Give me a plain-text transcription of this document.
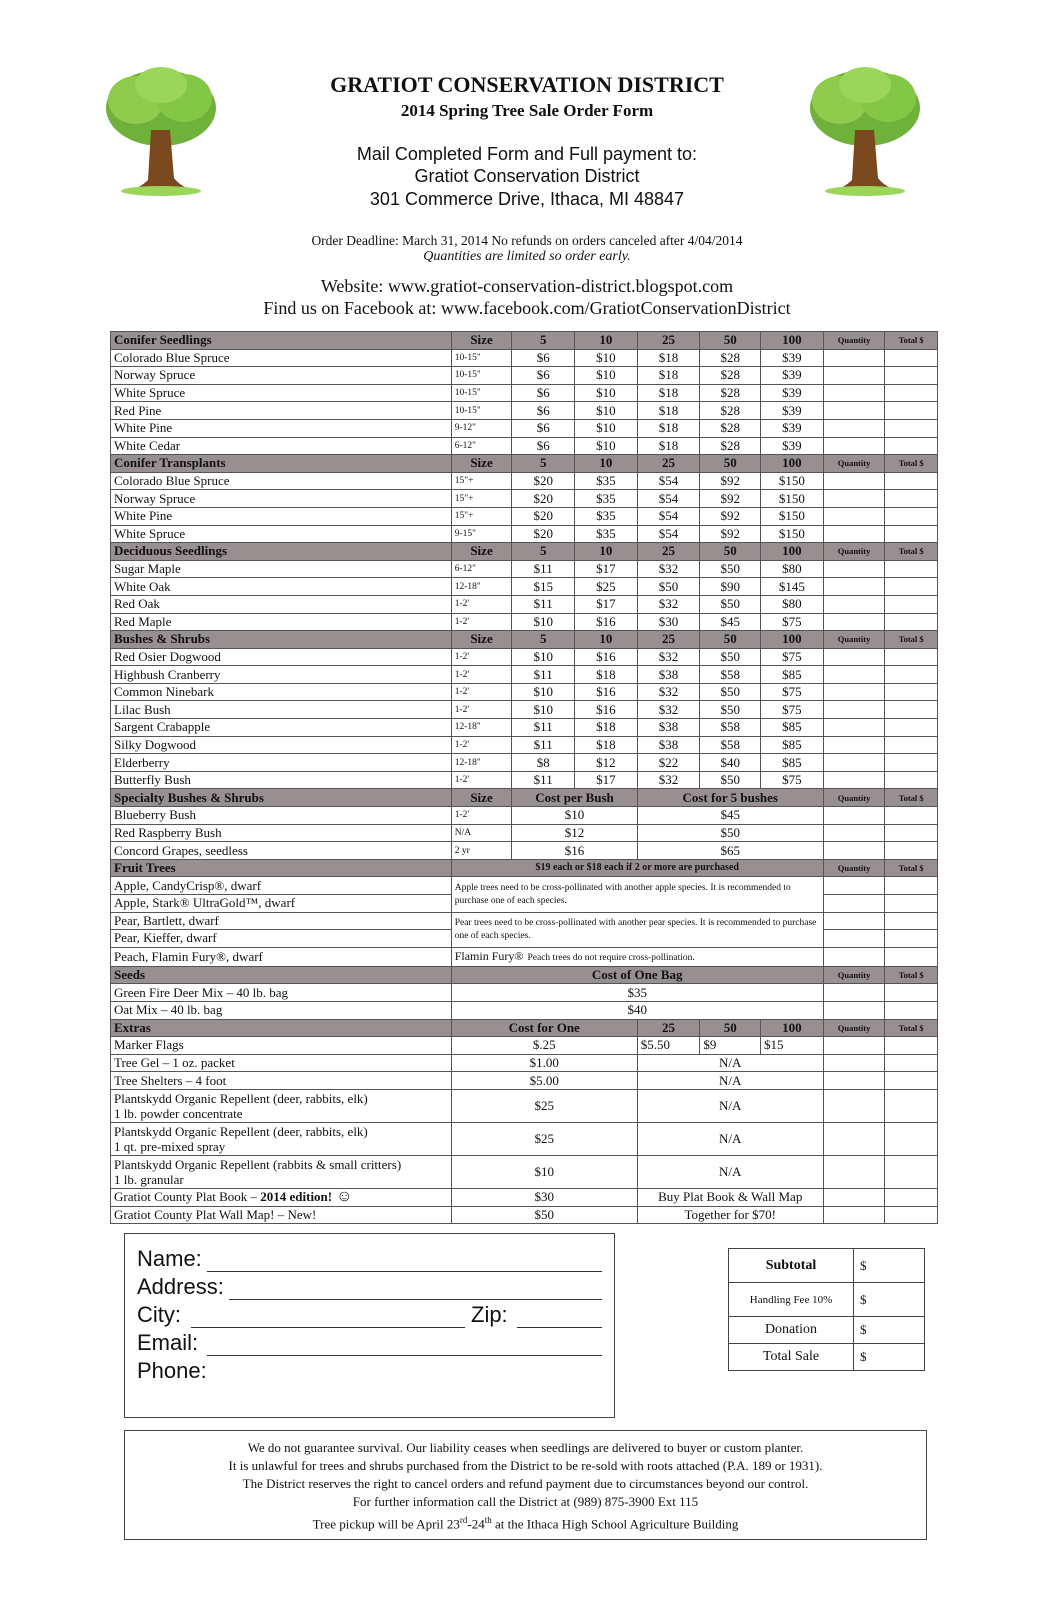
GRATIOT CONSERVATION DISTRICT
2014 Spring Tree Sale Order Form
Mail Completed Form and Full payment to:
Gratiot Conservation District
301 Commerce Drive, Ithaca, MI 48847
Order Deadline: March 31, 2014 No refunds on orders canceled after 4/04/2014
Quantities are limited so order early.
Website: www.gratiot-conservation-district.blogspot.com
Find us on Facebook at: www.facebook.com/GratiotConservationDistrict
Conifer Seedlings	Size	5	10	25	50	100	Quantity	Total $
Colorado Blue Spruce	10-15"	$6	$10	$18	$28	$39		
Norway Spruce	10-15"	$6	$10	$18	$28	$39		
White Spruce	10-15"	$6	$10	$18	$28	$39		
Red Pine	10-15"	$6	$10	$18	$28	$39		
White Pine	9-12"	$6	$10	$18	$28	$39		
White Cedar	6-12"	$6	$10	$18	$28	$39		
Conifer Transplants	Size	5	10	25	50	100	Quantity	Total $
Colorado Blue Spruce	15"+	$20	$35	$54	$92	$150		
Norway Spruce	15"+	$20	$35	$54	$92	$150		
White Pine	15"+	$20	$35	$54	$92	$150		
White Spruce	9-15"	$20	$35	$54	$92	$150		
Deciduous Seedlings	Size	5	10	25	50	100	Quantity	Total $
Sugar Maple	6-12"	$11	$17	$32	$50	$80		
White Oak	12-18"	$15	$25	$50	$90	$145		
Red Oak	1-2'	$11	$17	$32	$50	$80		
Red Maple	1-2'	$10	$16	$30	$45	$75		
Bushes & Shrubs	Size	5	10	25	50	100	Quantity	Total $
Red Osier Dogwood	1-2'	$10	$16	$32	$50	$75		
Highbush Cranberry	1-2'	$11	$18	$38	$58	$85		
Common Ninebark	1-2'	$10	$16	$32	$50	$75		
Lilac Bush	1-2'	$10	$16	$32	$50	$75		
Sargent Crabapple	12-18"	$11	$18	$38	$58	$85		
Silky Dogwood	1-2'	$11	$18	$38	$58	$85		
Elderberry	12-18"	$8	$12	$22	$40	$85		
Butterfly Bush	1-2'	$11	$17	$32	$50	$75		
Specialty Bushes & Shrubs	Size	Cost per Bush		Cost for 5 bushes			Quantity	Total $
Blueberry Bush	1-2'	$10		$45				
Red Raspberry Bush	N/A	$12		$50				
Concord Grapes, seedless	2 yr	$16		$65				
Fruit Trees	$19 each or $18 each if 2 or more are purchased						Quantity	Total $
Apple, CandyCrisp®, dwarf	Apple trees need to be cross-pollinated with another apple species. It is recommended to purchase one of each species.							
Apple, Stark® UltraGold™, dwarf								
Pear, Bartlett, dwarf	Pear trees need to be cross-pollinated with another pear species. It is recommended to purchase one of each species.							
Pear, Kieffer, dwarf								
Peach, Flamin Fury®, dwarf	Flamin Fury® Peach trees do not require cross-pollination.							
Seeds	Cost of One Bag						Quantity	Total $
Green Fire Deer Mix – 40 lb. bag	$35							
Oat Mix – 40 lb. bag	$40							
Extras	Cost for One			25	50	100	Quantity	Total $
Marker Flags	$.25			$5.50	$9	$15		
Tree Gel – 1 oz. packet	$1.00			N/A				
Tree Shelters – 4 foot	$5.00			N/A				

Plantskydd Organic Repellent (deer, rabbits, elk)
1 lb. powder concentrate	$25			N/A				

Plantskydd Organic Repellent (deer, rabbits, elk)
1 qt. pre-mixed spray	$25			N/A				

Plantskydd Organic Repellent (rabbits & small critters)
1 lb. granular	$10			N/A				
Gratiot County Plat Book – 2014 edition! ☺	$30			Buy Plat Book & Wall Map				
Gratiot County Plat Wall Map! – New!	$50			Together for $70!				
Name:
Address:
City:	Zip:
Email:
Phone:
Subtotal	$
Handling Fee 10%	$
Donation	$
Total Sale	$
We do not guarantee survival. Our liability ceases when seedlings are delivered to buyer or custom planter.
It is unlawful for trees and shrubs purchased from the District to be re-sold with roots attached (P.A. 189 or 1931).
The District reserves the right to cancel orders and refund payment due to circumstances beyond our control.
For further information call the District at (989) 875-3900 Ext 115
Tree pickup will be April 23rd-24th at the Ithaca High School Agriculture Building
